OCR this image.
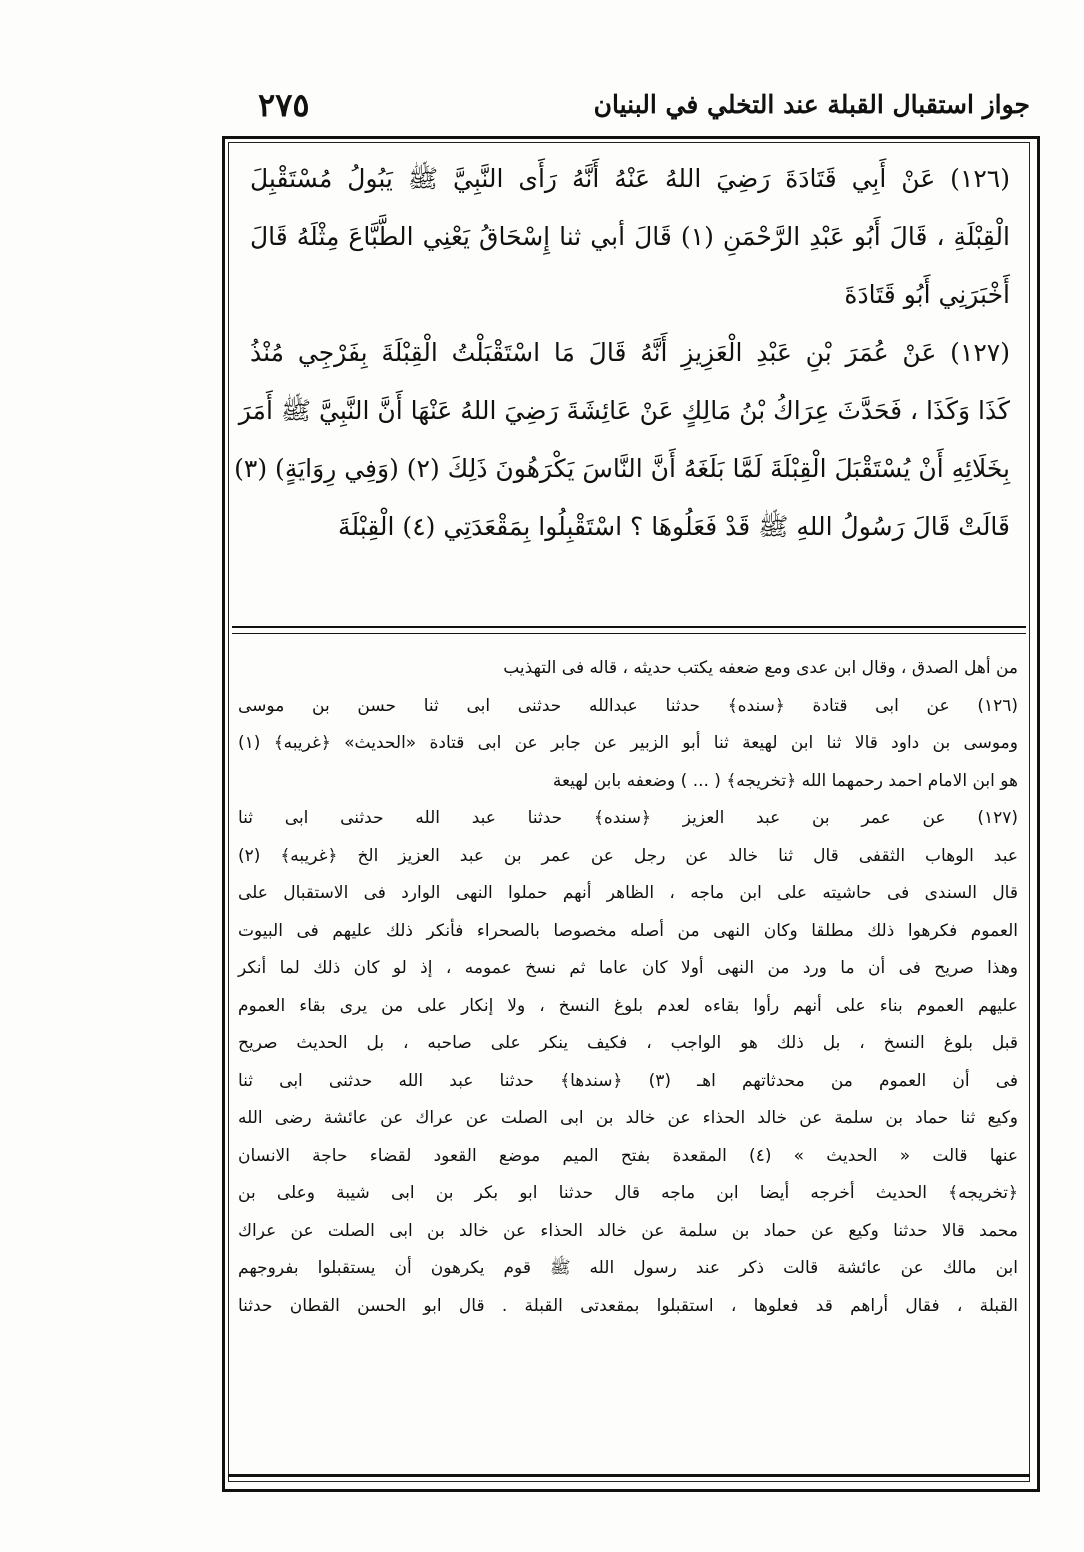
جواز استقبال القبلة عند التخلي في البنيان
٢٧٥
(١٢٦) عَنْ أَبِي قَتَادَةَ رَضِيَ اللهُ عَنْهُ أَنَّهُ رَأَى النَّبِيَّ ﷺ يَبُولُ مُسْتَقْبِلَ
الْقِبْلَةِ ، قَالَ أَبُو عَبْدِ الرَّحْمَنِ (١) قَالَ أبي ثنا إِسْحَاقُ يَعْنِي الطَّبَّاعَ مِثْلَهُ قَالَ
أَخْبَرَنِي أَبُو قَتَادَةَ
(١٢٧) عَنْ عُمَرَ بْنِ عَبْدِ الْعَزِيزِ أَنَّهُ قَالَ مَا اسْتَقْبَلْتُ الْقِبْلَةَ بِفَرْجِي مُنْذُ
كَذَا وَكَذَا ، فَحَدَّثَ عِرَاكُ بْنُ مَالِكٍ عَنْ عَائِشَةَ رَضِيَ اللهُ عَنْهَا أَنَّ النَّبِيَّ ﷺ أَمَرَ
بِخَلَائِهِ أَنْ يُسْتَقْبَلَ الْقِبْلَةَ لَمَّا بَلَغَهُ أَنَّ النَّاسَ يَكْرَهُونَ ذَلِكَ (٢) (وَفِي رِوَايَةٍ) (٣)
قَالَتْ قَالَ رَسُولُ اللهِ ﷺ قَدْ فَعَلُوهَا ؟ اسْتَقْبِلُوا بِمَقْعَدَتِي (٤) الْقِبْلَةَ
من أهل الصدق ، وقال ابن عدى ومع ضعفه يكتب حديثه ، قاله فى التهذيب
(١٢٦) عن ابى قتادة ﴿سنده﴾ حدثنا عبدالله حدثنى ابى ثنا حسن بن موسى
وموسى بن داود قالا ثنا ابن لهيعة ثنا أبو الزبير عن جابر عن ابى قتادة «الحديث» ﴿غريبه﴾ (١)
هو ابن الامام احمد رحمهما الله ﴿تخريجه﴾ ( ... ) وضعفه بابن لهيعة
(١٢٧) عن عمر بن عبد العزيز ﴿سنده﴾ حدثنا عبد الله حدثنى ابى ثنا
عبد الوهاب الثقفى قال ثنا خالد عن رجل عن عمر بن عبد العزيز الخ ﴿غريبه﴾ (٢)
قال السندى فى حاشيته على ابن ماجه ، الظاهر أنهم حملوا النهى الوارد فى الاستقبال على
العموم فكرهوا ذلك مطلقا وكان النهى من أصله مخصوصا بالصحراء فأنكر ذلك عليهم فى البيوت
وهذا صريح فى أن ما ورد من النهى أولا كان عاما ثم نسخ عمومه ، إذ لو كان ذلك لما أنكر
عليهم العموم بناء على أنهم رأوا بقاءه لعدم بلوغ النسخ ، ولا إنكار على من يرى بقاء العموم
قبل بلوغ النسخ ، بل ذلك هو الواجب ، فكيف ينكر على صاحبه ، بل الحديث صريح
فى أن العموم من محدثاتهم اهـ (٣) ﴿سندها﴾ حدثنا عبد الله حدثنى ابى ثنا
وكيع ثنا حماد بن سلمة عن خالد الحذاء عن خالد بن ابى الصلت عن عراك عن عائشة رضى الله
عنها قالت « الحديث » (٤) المقعدة بفتح الميم موضع القعود لقضاء حاجة الانسان
﴿تخريجه﴾ الحديث أخرجه أيضا ابن ماجه قال حدثنا ابو بكر بن ابى شيبة وعلى بن
محمد قالا حدثنا وكيع عن حماد بن سلمة عن خالد الحذاء عن خالد بن ابى الصلت عن عراك
ابن مالك عن عائشة قالت ذكر عند رسول الله ﷺ قوم يكرهون أن يستقبلوا بفروجهم
القبلة ، فقال أراهم قد فعلوها ، استقبلوا بمقعدتى القبلة . قال ابو الحسن القطان حدثنا
